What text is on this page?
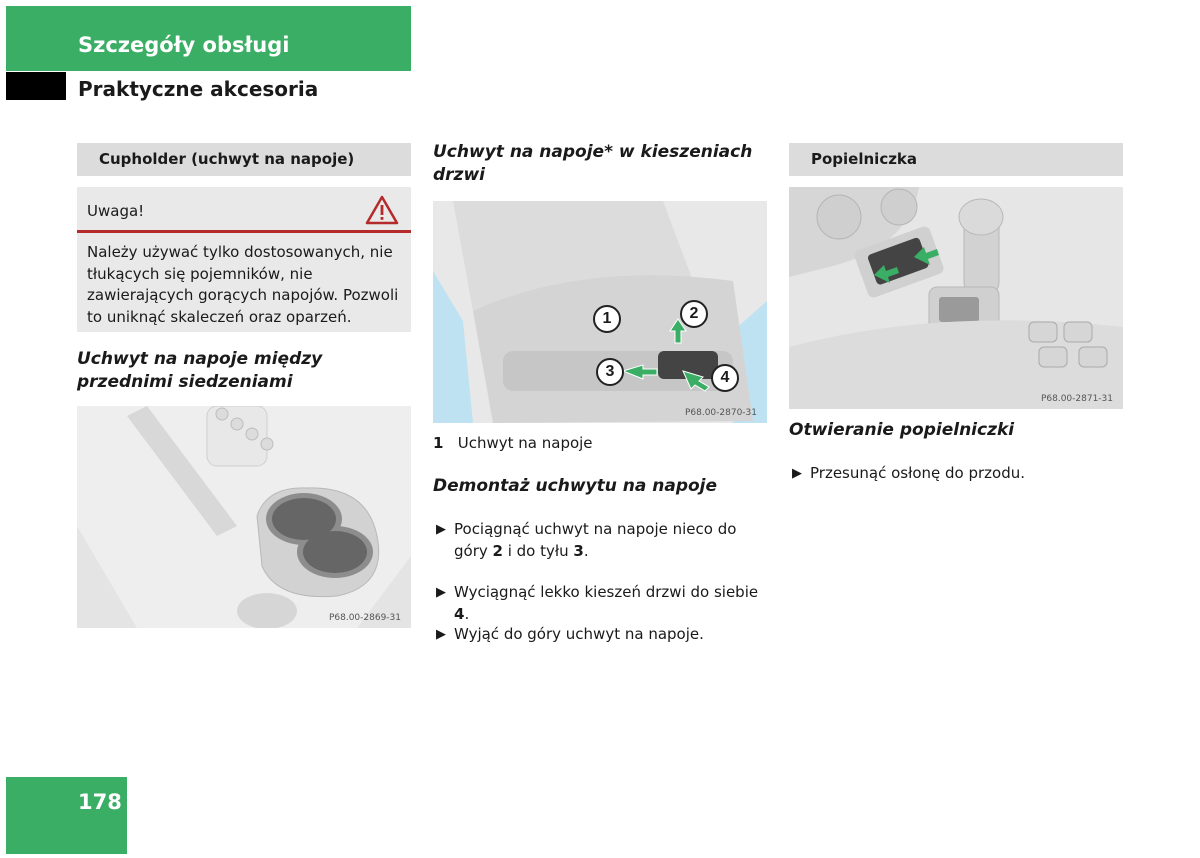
Szczegóły obsługi
Praktyczne akcesoria
Cupholder (uchwyt na napoje)
Uwaga!
Należy używać tylko dostosowanych, nie tłukących się pojemników, nie zawierających gorących napojów. Pozwoli to uniknąć skaleczeń oraz oparzeń.
Uchwyt na napoje między przednimi siedzeniami
P68.00-2869-31
Uchwyt na napoje* w kieszeniach drzwi
1	2
3	4
P68.00-2870-31
1 Uchwyt na napoje
Demontaż uchwytu na napoje
▶ Pociągnąć uchwyt na napoje nieco do góry 2 i do tyłu 3.
▶ Wyciągnąć lekko kieszeń drzwi do siebie 4.
▶ Wyjąć do góry uchwyt na napoje.
Popielniczka
P68.00-2871-31
Otwieranie popielniczki
▶ Przesunąć osłonę do przodu.
178
